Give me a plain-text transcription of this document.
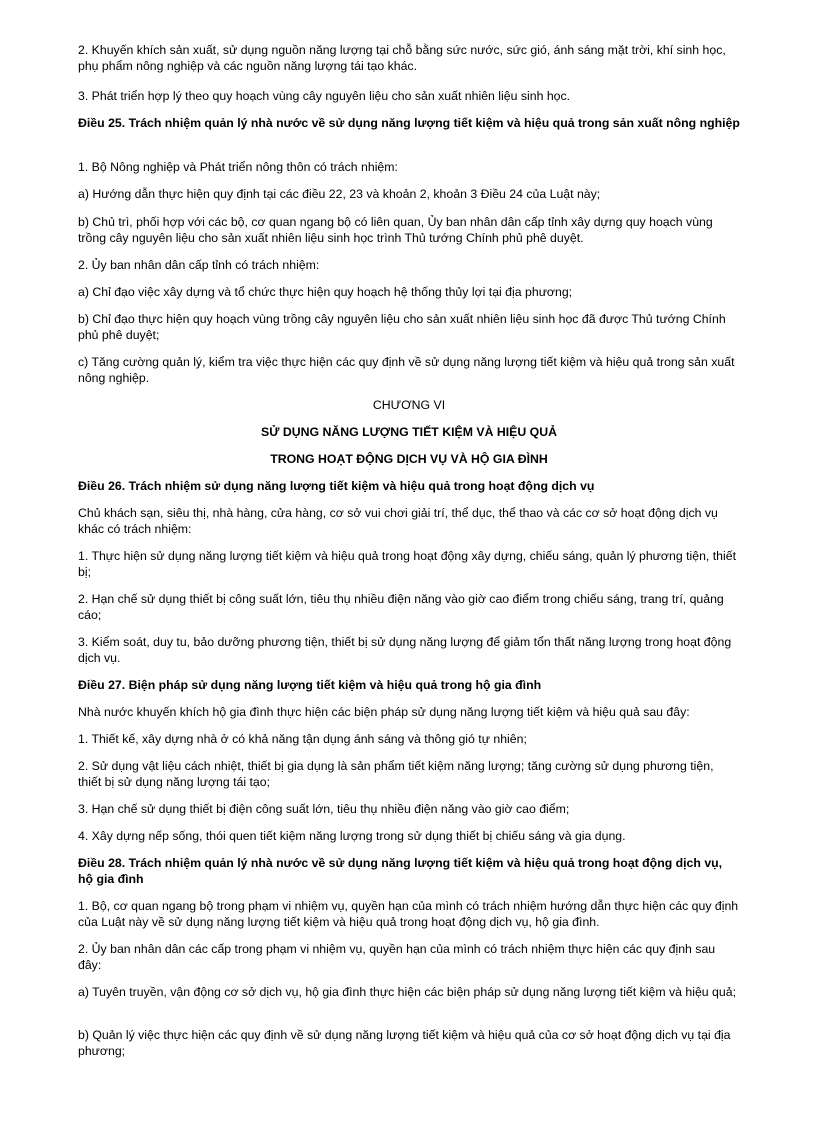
2. Khuyến khích sản xuất, sử dụng nguồn năng lượng tại chỗ bằng sức nước, sức gió, ánh sáng mặt trời, khí sinh học, phụ phẩm nông nghiệp và các nguồn năng lượng tái tạo khác.

3. Phát triển hợp lý theo quy hoạch vùng cây nguyên liệu cho sản xuất nhiên liệu sinh học.

Điều 25. Trách nhiệm quản lý nhà nước về sử dụng năng lượng tiết kiệm và hiệu quả trong sản xuất nông nghiệp

1. Bộ Nông nghiệp và Phát triển nông thôn có trách nhiệm:

a) Hướng dẫn thực hiện quy định tại các điều 22, 23 và khoản 2, khoản 3 Điều 24 của Luật này;

b) Chủ trì, phối hợp với các bộ, cơ quan ngang bộ có liên quan, Ủy ban nhân dân cấp tỉnh xây dựng quy hoạch vùng trồng cây nguyên liệu cho sản xuất nhiên liệu sinh học trình Thủ tướng Chính phủ phê duyệt.

2. Ủy ban nhân dân cấp tỉnh có trách nhiệm:

a) Chỉ đạo việc xây dựng và tổ chức thực hiện quy hoạch hệ thống thủy lợi tại địa phương;

b) Chỉ đạo thực hiện quy hoạch vùng trồng cây nguyên liệu cho sản xuất nhiên liệu sinh học đã được Thủ tướng Chính phủ phê duyệt;

c) Tăng cường quản lý, kiểm tra việc thực hiện các quy định về sử dụng năng lượng tiết kiệm và hiệu quả trong sản xuất nông nghiệp.

CHƯƠNG VI

SỬ DỤNG NĂNG LƯỢNG TIẾT KIỆM VÀ HIỆU QUẢ

TRONG HOẠT ĐỘNG DỊCH VỤ VÀ HỘ GIA ĐÌNH

Điều 26. Trách nhiệm sử dụng năng lượng tiết kiệm và hiệu quả trong hoạt động dịch vụ

Chủ khách sạn, siêu thị, nhà hàng, cửa hàng, cơ sở vui chơi giải trí, thể dục, thể thao và các cơ sở hoạt động dịch vụ khác có trách nhiệm:

1. Thực hiện sử dụng năng lượng tiết kiệm và hiệu quả trong hoạt động xây dựng, chiếu sáng, quản lý phương tiện, thiết bị;

2. Hạn chế sử dụng thiết bị công suất lớn, tiêu thụ nhiều điện năng vào giờ cao điểm trong chiếu sáng, trang trí, quảng cáo;

3. Kiểm soát, duy tu, bảo dưỡng phương tiện, thiết bị sử dụng năng lượng để giảm tổn thất năng lượng trong hoạt động dịch vụ.

Điều 27. Biện pháp sử dụng năng lượng tiết kiệm và hiệu quả trong hộ gia đình

Nhà nước khuyến khích hộ gia đình thực hiện các biện pháp sử dụng năng lượng tiết kiệm và hiệu quả sau đây:

1. Thiết kế, xây dựng nhà ở có khả năng tận dụng ánh sáng và thông gió tự nhiên;

2. Sử dụng vật liệu cách nhiệt, thiết bị gia dụng là sản phẩm tiết kiệm năng lượng; tăng cường sử dụng phương tiện, thiết bị sử dụng năng lượng tái tạo;

3. Hạn chế sử dụng thiết bị điện công suất lớn, tiêu thụ nhiều điện năng vào giờ cao điểm;

4. Xây dựng nếp sống, thói quen tiết kiệm năng lượng trong sử dụng thiết bị chiếu sáng và gia dụng.

Điều 28. Trách nhiệm quản lý nhà nước về sử dụng năng lượng tiết kiệm và hiệu quả trong hoạt động dịch vụ, hộ gia đình

1. Bộ, cơ quan ngang bộ trong phạm vi nhiệm vụ, quyền hạn của mình có trách nhiệm hướng dẫn thực hiện các quy định của Luật này về sử dụng năng lượng tiết kiệm và hiệu quả trong hoạt động dịch vụ, hộ gia đình.

2. Ủy ban nhân dân các cấp trong phạm vi nhiệm vụ, quyền hạn của mình có trách nhiệm thực hiện các quy định sau đây:

a) Tuyên truyền, vận động cơ sở dịch vụ, hộ gia đình thực hiện các biện pháp sử dụng năng lượng tiết kiệm và hiệu quả;

b) Quản lý việc thực hiện các quy định về sử dụng năng lượng tiết kiệm và hiệu quả của cơ sở hoạt động dịch vụ tại địa phương;
